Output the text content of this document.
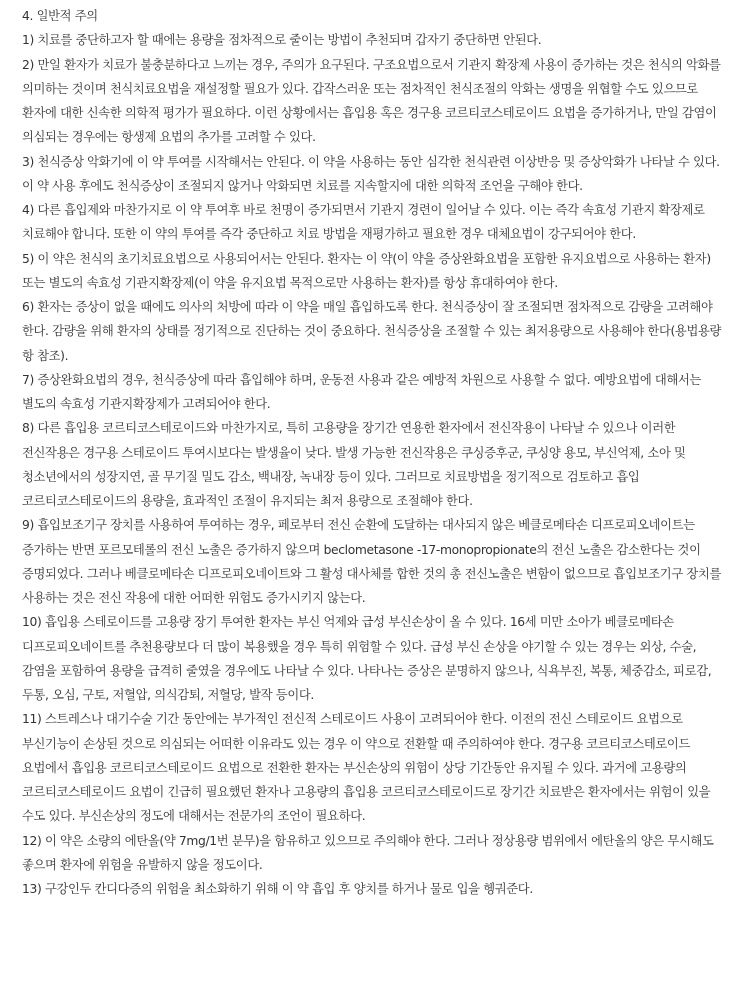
4. 일반적 주의

1) 치료를 중단하고자 할 때에는 용량을 점차적으로 줄이는 방법이 추천되며 갑자기 중단하면 안된다.

2) 만일 환자가 치료가 불충분하다고 느끼는 경우, 주의가 요구된다. 구조요법으로서 기관지 확장제 사용이 증가하는 것은 천식의 악화를 의미하는 것이며 천식치료요법을 재설정할 필요가 있다. 갑작스러운 또는 점차적인 천식조절의 악화는 생명을 위협할 수도 있으므로 환자에 대한 신속한 의학적 평가가 필요하다. 이런 상황에서는 흡입용 혹은 경구용 코르티코스테로이드 요법을 증가하거나, 만일 감염이 의심되는 경우에는 항생제 요법의 추가를 고려할 수 있다.

3) 천식증상 악화기에 이 약 투여를 시작해서는 안된다. 이 약을 사용하는 동안 심각한 천식관련 이상반응 및 증상악화가 나타날 수 있다. 이 약 사용 후에도 천식증상이 조절되지 않거나 악화되면 치료를 지속할지에 대한 의학적 조언을 구해야 한다.

4) 다른 흡입제와 마찬가지로 이 약 투여후 바로 천명이 증가되면서 기관지 경련이 일어날 수 있다. 이는 즉각 속효성 기관지 확장제로 치료해야 합니다. 또한 이 약의 투여를 즉각 중단하고 치료 방법을 재평가하고 필요한 경우 대체요법이 강구되어야 한다.

5) 이 약은 천식의 초기치료요법으로 사용되어서는 안된다. 환자는 이 약(이 약을 증상완화요법을 포함한 유지요법으로 사용하는 환자) 또는 별도의 속효성 기관지확장제(이 약을 유지요법 목적으로만 사용하는 환자)를 항상 휴대하여야 한다.

6) 환자는 증상이 없을 때에도 의사의 처방에 따라 이 약을 매일 흡입하도록 한다. 천식증상이 잘 조절되면 점차적으로 감량을 고려해야 한다. 감량을 위해 환자의 상태를 정기적으로 진단하는 것이 중요하다. 천식증상을 조절할 수 있는 최저용량으로 사용해야 한다(용법용량 항 참조).

7) 증상완화요법의 경우, 천식증상에 따라 흡입해야 하며, 운동전 사용과 같은 예방적 차원으로 사용할 수 없다. 예방요법에 대해서는 별도의 속효성 기관지확장제가 고려되어야 한다.

8) 다른 흡입용 코르티코스테로이드와 마찬가지로, 특히 고용량을 장기간 연용한 환자에서 전신작용이 나타날 수 있으나 이러한 전신작용은 경구용 스테로이드 투여시보다는 발생율이 낮다. 발생 가능한 전신작용은 쿠싱증후군, 쿠싱양 용모, 부신억제, 소아 및 청소년에서의 성장지연, 골 무기질 밀도 감소, 백내장, 녹내장 등이 있다. 그러므로 치료방법을 정기적으로 검토하고 흡입 코르티코스테로이드의 용량을, 효과적인 조절이 유지되는 최저 용량으로 조절해야 한다.

9) 흡입보조기구 장치를 사용하여 투여하는 경우, 페로부터 전신 순환에 도달하는 대사되지 않은 베클로메타손 디프로피오네이트는 증가하는 반면 포르모테롤의 전신 노출은 증가하지 않으며 beclometasone -17-monopropionate의 전신 노출은 감소한다는 것이 증명되었다. 그러나 베클로메타손 디프로피오네이트와 그 활성 대사체를 합한 것의 총 전신노출은 변함이 없으므로 흡입보조기구 장치를 사용하는 것은 전신 작용에 대한 어떠한 위험도 증가시키지 않는다.

10) 흡입용 스테로이드를 고용량 장기 투여한 환자는 부신 억제와 급성 부신손상이 올 수 있다. 16세 미만 소아가 베클로메타손 디프로피오네이트를 추천용량보다 더 많이 복용했을 경우 특히 위험할 수 있다. 급성 부신 손상을 야기할 수 있는 경우는 외상, 수술, 감염을 포함하여 용량을 급격히 줄였을 경우에도 나타날 수 있다. 나타나는 증상은 분명하지 않으나, 식욕부진, 복통, 체중감소, 피로감, 두통, 오심, 구토, 저혈압, 의식감퇴, 저혈당, 발작 등이다.

11) 스트레스나 대기수술 기간 동안에는 부가적인 전신적 스테로이드 사용이 고려되어야 한다. 이전의 전신 스테로이드 요법으로 부신기능이 손상된 것으로 의심되는 어떠한 이유라도 있는 경우 이 약으로 전환할 때 주의하여야 한다. 경구용 코르티코스테로이드 요법에서 흡입용 코르티코스테로이드 요법으로 전환한 환자는 부신손상의 위험이 상당 기간동안 유지될 수 있다. 과거에 고용량의 코르티코스테로이드 요법이 긴급히 필요했던 환자나 고용량의 흡입용 코르티코스테로이드로 장기간 치료받은 환자에서는 위험이 있을 수도 있다. 부신손상의 정도에 대해서는 전문가의 조언이 필요하다.

12) 이 약은 소량의 에탄올(약 7mg/1번 분무)을 함유하고 있으므로 주의해야 한다. 그러나 정상용량 범위에서 에탄올의 양은 무시해도 좋으며 환자에 위험을 유발하지 않을 정도이다.

13) 구강인두 칸디다증의 위험을 최소화하기 위해 이 약 흡입 후 양치를 하거나 물로 입을 헹궈준다.
